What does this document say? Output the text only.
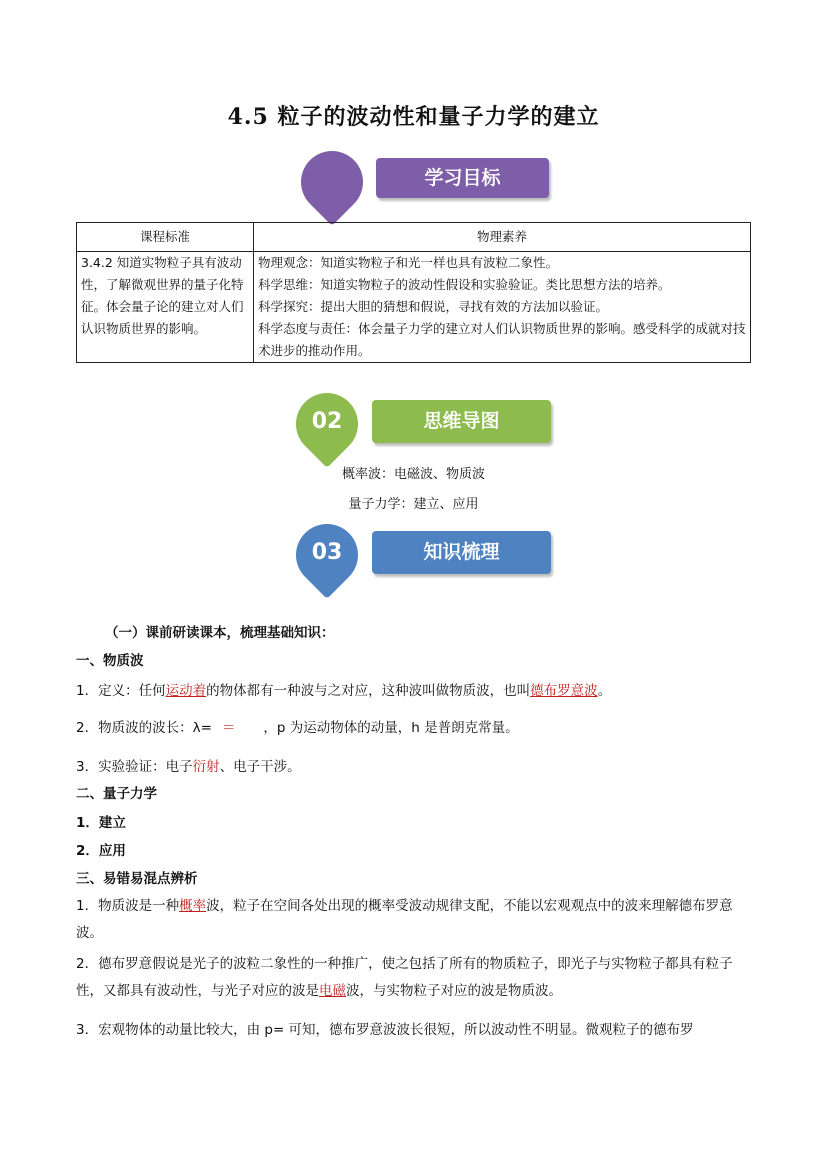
4.5 粒子的波动性和量子力学的建立
学习目标
课程标准	物理素养
3.4.2 知道实物粒子具有波动性，了解微观世界的量子化特征。体会量子论的建立对人们认识物质世界的影响。	物理观念：知道实物粒子和光一样也具有波粒二象性。
科学思维：知道实物粒子的波动性假设和实验验证。类比思想方法的培养。
科学探究：提出大胆的猜想和假说，寻找有效的方法加以验证。
科学态度与责任：体会量子力学的建立对人们认识物质世界的影响。感受科学的成就对技术进步的推动作用。
02	思维导图
概率波：电磁波、物质波
量子力学：建立、应用
03	知识梳理
（一）课前研读课本，梳理基础知识：
一、物质波
1．定义：任何运动着的物体都有一种波与之对应，这种波叫做物质波，也叫德布罗意波。
2．物质波的波长：λ= ＝ ，p 为运动物体的动量，h 是普朗克常量。
3．实验验证：电子衍射、电子干涉。
二、量子力学
1．建立
2．应用
三、易错易混点辨析
1．物质波是一种概率波，粒子在空间各处出现的概率受波动规律支配，不能以宏观观点中的波来理解德布罗意波。
2．德布罗意假说是光子的波粒二象性的一种推广，使之包括了所有的物质粒子，即光子与实物粒子都具有粒子性，又都具有波动性，与光子对应的波是电磁波，与实物粒子对应的波是物质波。
3．宏观物体的动量比较大，由 p= 可知，德布罗意波波长很短，所以波动性不明显。微观粒子的德布罗
